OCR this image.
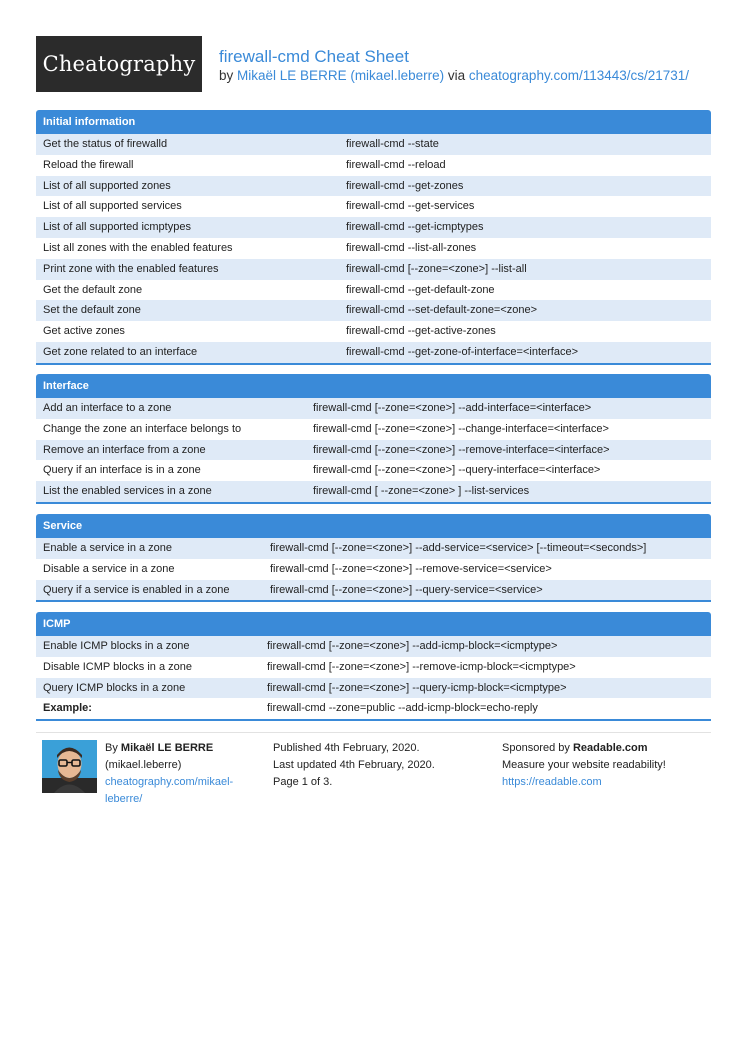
Cheatography firewall-cmd Cheat Sheet
by Mikaël LE BERRE (mikael.leberre) via cheatography.com/113443/cs/21731/
Initial information
Get the status of firewalld	firewall-cmd --state
Reload the firewall	firewall-cmd --reload
List of all supported zones	firewall-cmd --get-zones
List of all supported services	firewall-cmd --get-services
List of all supported icmptypes	firewall-cmd --get-icmptypes
List all zones with the enabled features	firewall-cmd --list-all-zones
Print zone with the enabled features	firewall-cmd [--zone=<zone>] --list-all
Get the default zone	firewall-cmd --get-default-zone
Set the default zone	firewall-cmd --set-default-zone=<zone>
Get active zones	firewall-cmd --get-active-zones
Get zone related to an interface	firewall-cmd --get-zone-of-interface=<interface>
Interface
Add an interface to a zone	firewall-cmd [--zone=<zone>] --add-interface=<interface>
Change the zone an interface belongs to	firewall-cmd [--zone=<zone>] --change-interface=<interface>
Remove an interface from a zone	firewall-cmd [--zone=<zone>] --remove-interface=<interface>
Query if an interface is in a zone	firewall-cmd [--zone=<zone>] --query-interface=<interface>
List the enabled services in a zone	firewall-cmd [ --zone=<zone> ] --list-services
Service
Enable a service in a zone	firewall-cmd [--zone=<zone>] --add-service=<service> [--timeout=<seconds>]
Disable a service in a zone	firewall-cmd [--zone=<zone>] --remove-service=<service>
Query if a service is enabled in a zone	firewall-cmd [--zone=<zone>] --query-service=<service>
ICMP
Enable ICMP blocks in a zone	firewall-cmd [--zone=<zone>] --add-icmp-block=<icmptype>
Disable ICMP blocks in a zone	firewall-cmd [--zone=<zone>] --remove-icmp-block=<icmptype>
Query ICMP blocks in a zone	firewall-cmd [--zone=<zone>] --query-icmp-block=<icmptype>
Example:	firewall-cmd --zone=public --add-icmp-block=echo-reply
By Mikaël LE BERRE
(mikael.leberre)
cheatography.com/mikael-
leberre/
Published 4th February, 2020.
Last updated 4th February, 2020.
Page 1 of 3.
Sponsored by Readable.com
Measure your website readability!
https://readable.com
